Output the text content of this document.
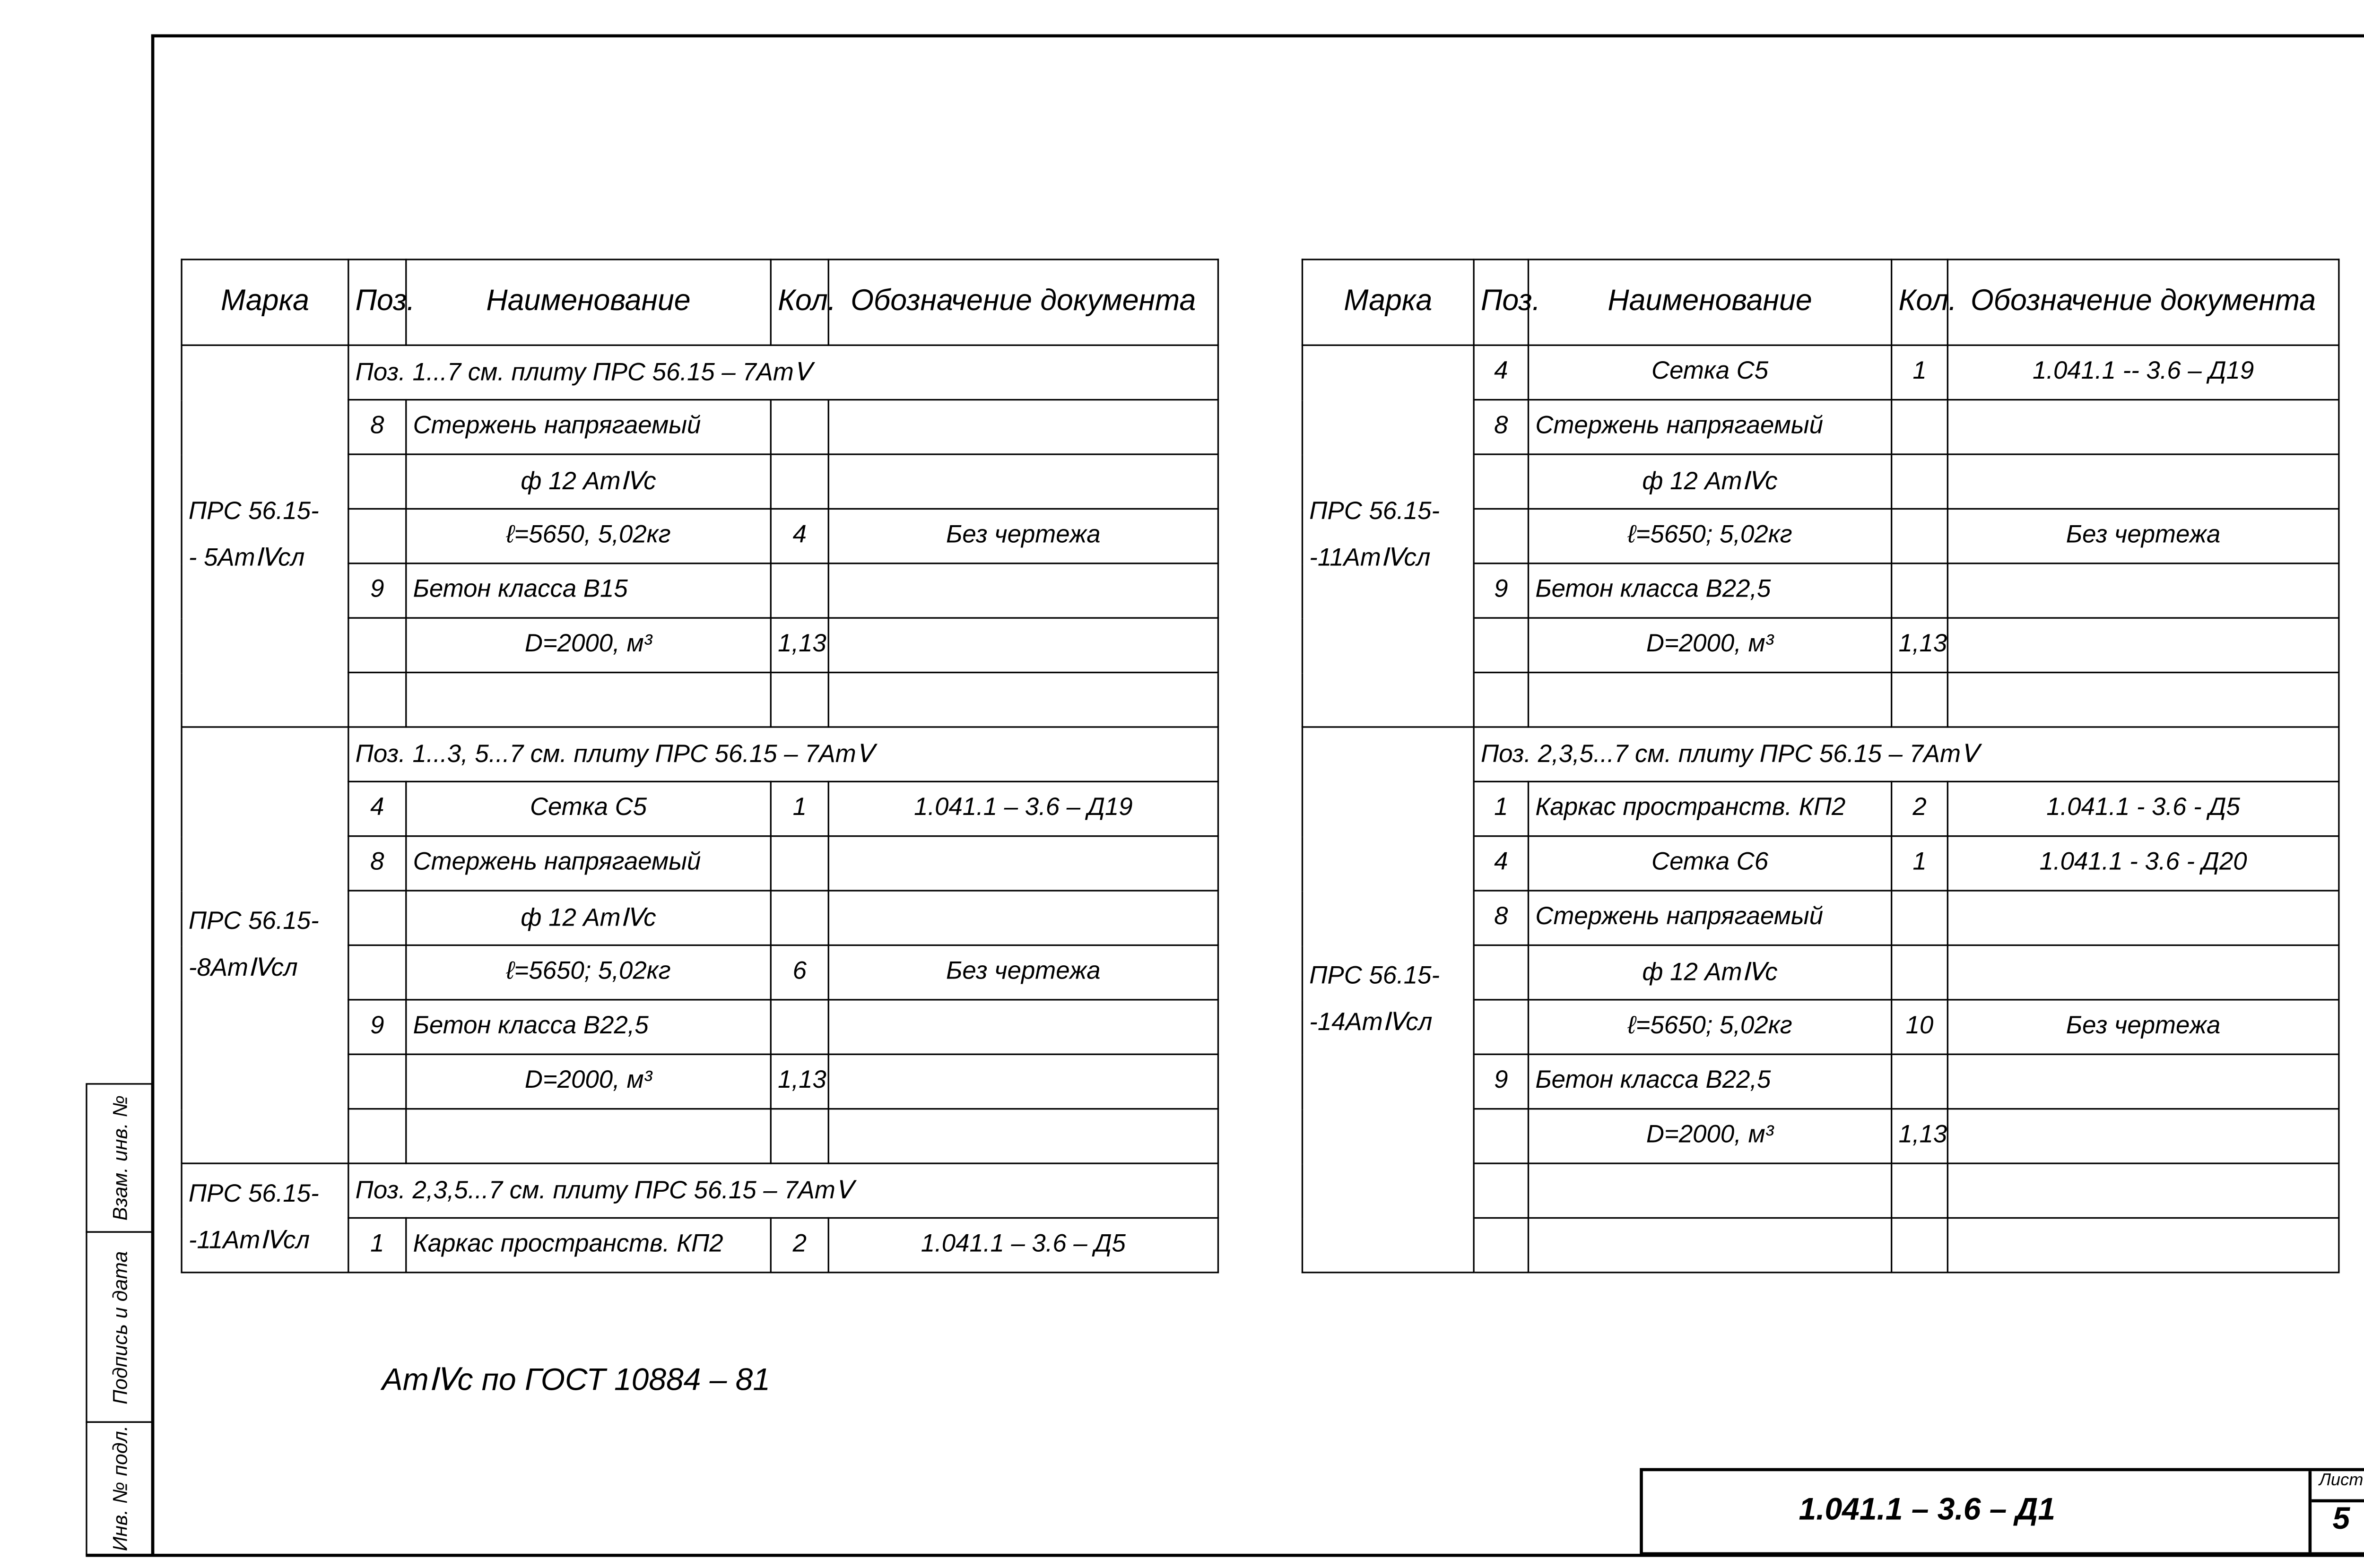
Взам. инв. №
Подпись и дата
Инв. № подл.
Марка	Поз.	Наименование	Кол.	Обозначение документа

ПРС 56.15-
- 5АтⅣсл	Поз. 1...7 см. плиту ПРС 56.15 – 7АтⅤ			
	8	Стержень напрягаемый		
		ф 12 АтⅣс		
		ℓ=5650, 5,02кг	4	Без чертежа
	9	Бетон класса В15		
		D=2000, м³	1,13	

ПРС 56.15-
-8АтⅣсл	Поз. 1...3, 5...7 см. плиту ПРС 56.15 – 7АтⅤ			
	4	Сетка С5	1	1.041.1 – 3.6 – Д19
	8	Стержень напрягаемый		
		ф 12 АтⅣс		
		ℓ=5650; 5,02кг	6	Без чертежа
	9	Бетон класса В22,5		
		D=2000, м³	1,13	

ПРС 56.15-
-11АтⅣсл	Поз. 2,3,5...7 см. плиту ПРС 56.15 – 7АтⅤ			
	1	Каркас пространств. КП2	2	1.041.1 – 3.6 – Д5
Марка	Поз.	Наименование	Кол.	Обозначение документа

ПРС 56.15-
-11АтⅣсл	4	Сетка С5	1	1.041.1 -- 3.6 – Д19
	8	Стержень напрягаемый		
		ф 12 АтⅣс		
		ℓ=5650; 5,02кг		Без чертежа
	9	Бетон класса В22,5		
		D=2000, м³	1,13	

ПРС 56.15-
-14АтⅣсл	Поз. 2,3,5...7 см. плиту ПРС 56.15 – 7АтⅤ			
	1	Каркас пространств. КП2	2	1.041.1 - 3.6 - Д5
	4	Сетка С6	1	1.041.1 - 3.6 - Д20
	8	Стержень напрягаемый		
		ф 12 АтⅣс		
		ℓ=5650; 5,02кг	10	Без чертежа
	9	Бетон класса В22,5		
		D=2000, м³	1,13	

АтⅣс по ГОСТ 10884 – 81
1.041.1 – 3.6 – Д1
Лист
5
